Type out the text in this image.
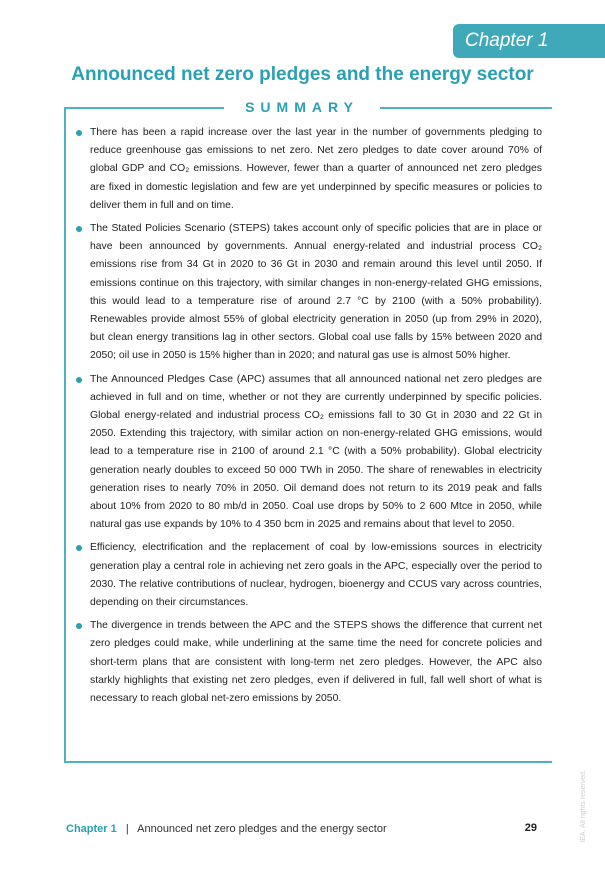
Chapter 1
Announced net zero pledges and the energy sector
SUMMARY
There has been a rapid increase over the last year in the number of governments pledging to reduce greenhouse gas emissions to net zero. Net zero pledges to date cover around 70% of global GDP and CO₂ emissions. However, fewer than a quarter of announced net zero pledges are fixed in domestic legislation and few are yet underpinned by specific measures or policies to deliver them in full and on time.
The Stated Policies Scenario (STEPS) takes account only of specific policies that are in place or have been announced by governments. Annual energy-related and industrial process CO₂ emissions rise from 34 Gt in 2020 to 36 Gt in 2030 and remain around this level until 2050. If emissions continue on this trajectory, with similar changes in non-energy-related GHG emissions, this would lead to a temperature rise of around 2.7 °C by 2100 (with a 50% probability). Renewables provide almost 55% of global electricity generation in 2050 (up from 29% in 2020), but clean energy transitions lag in other sectors. Global coal use falls by 15% between 2020 and 2050; oil use in 2050 is 15% higher than in 2020; and natural gas use is almost 50% higher.
The Announced Pledges Case (APC) assumes that all announced national net zero pledges are achieved in full and on time, whether or not they are currently underpinned by specific policies. Global energy-related and industrial process CO₂ emissions fall to 30 Gt in 2030 and 22 Gt in 2050. Extending this trajectory, with similar action on non-energy-related GHG emissions, would lead to a temperature rise in 2100 of around 2.1 °C (with a 50% probability). Global electricity generation nearly doubles to exceed 50 000 TWh in 2050. The share of renewables in electricity generation rises to nearly 70% in 2050. Oil demand does not return to its 2019 peak and falls about 10% from 2020 to 80 mb/d in 2050. Coal use drops by 50% to 2 600 Mtce in 2050, while natural gas use expands by 10% to 4 350 bcm in 2025 and remains about that level to 2050.
Efficiency, electrification and the replacement of coal by low-emissions sources in electricity generation play a central role in achieving net zero goals in the APC, especially over the period to 2030. The relative contributions of nuclear, hydrogen, bioenergy and CCUS vary across countries, depending on their circumstances.
The divergence in trends between the APC and the STEPS shows the difference that current net zero pledges could make, while underlining at the same time the need for concrete policies and short-term plans that are consistent with long-term net zero pledges. However, the APC also starkly highlights that existing net zero pledges, even if delivered in full, fall well short of what is necessary to reach global net-zero emissions by 2050.
IEA. All rights reserved.
Chapter 1 | Announced net zero pledges and the energy sector	29
